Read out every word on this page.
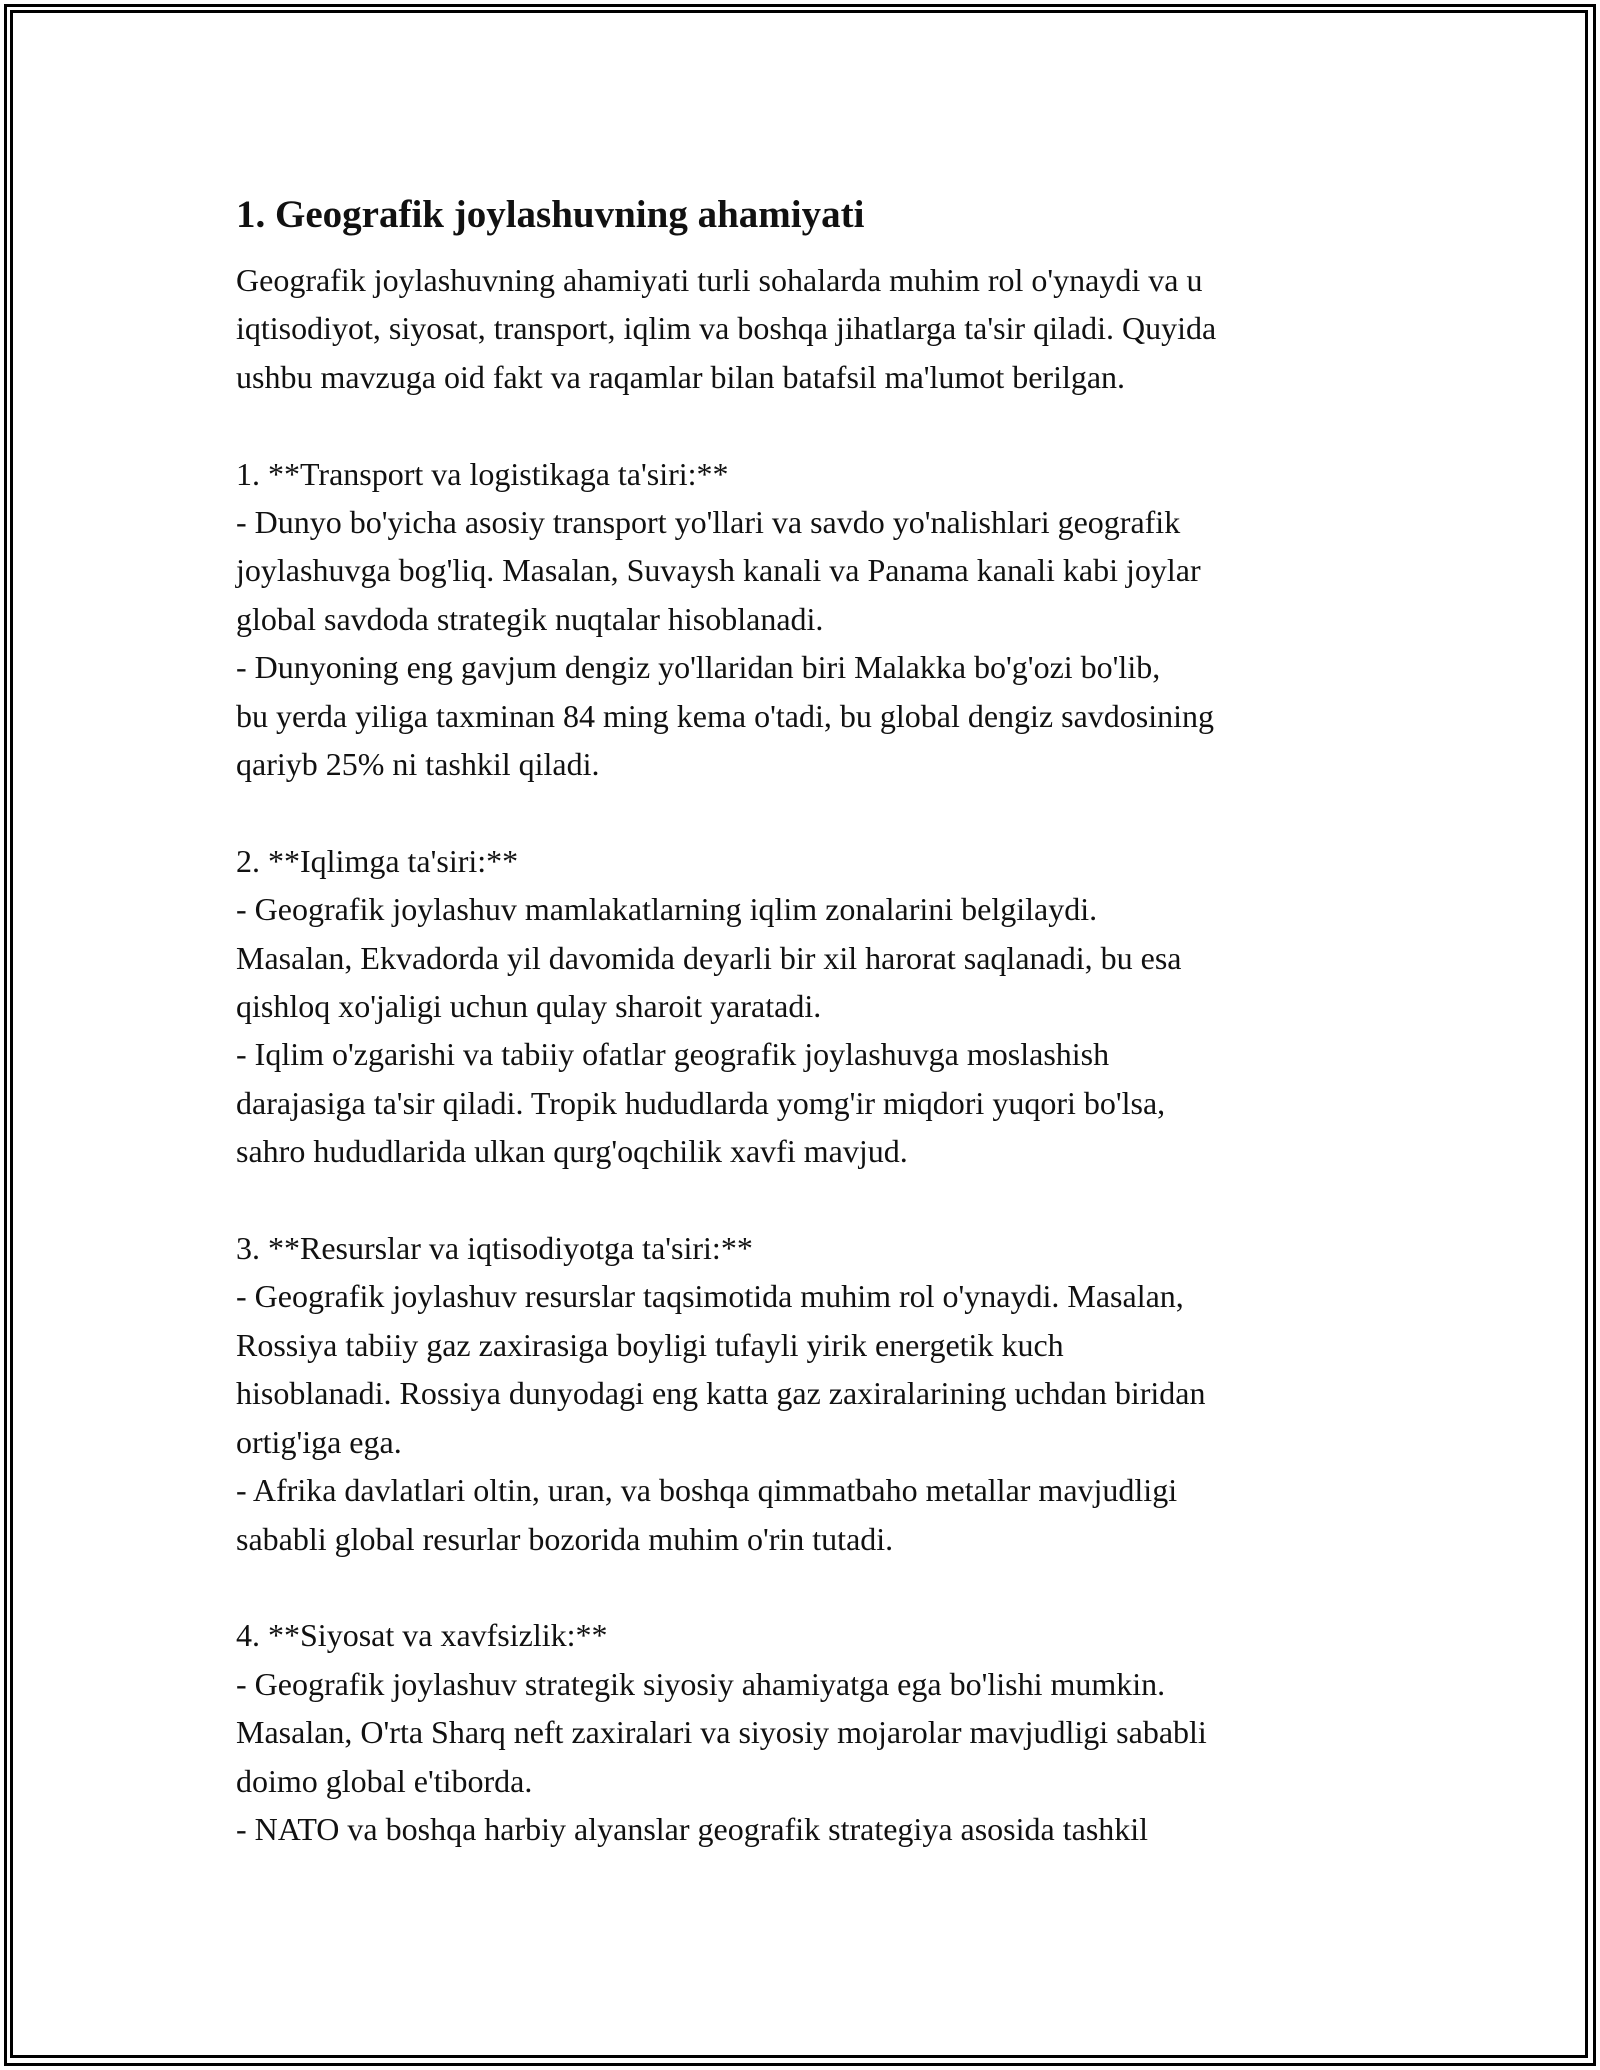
1. Geografik joylashuvning ahamiyati

Geografik joylashuvning ahamiyati turli sohalarda muhim rol o'ynaydi va u
iqtisodiyot, siyosat, transport, iqlim va boshqa jihatlarga ta'sir qiladi. Quyida
ushbu mavzuga oid fakt va raqamlar bilan batafsil ma'lumot berilgan.

1. **Transport va logistikaga ta'siri:**

- Dunyo bo'yicha asosiy transport yo'llari va savdo yo'nalishlari geografik
joylashuvga bog'liq. Masalan, Suvaysh kanali va Panama kanali kabi joylar
global savdoda strategik nuqtalar hisoblanadi.

- Dunyoning eng gavjum dengiz yo'llaridan biri Malakka bo'g'ozi bo'lib,
bu yerda yiliga taxminan 84 ming kema o'tadi, bu global dengiz savdosining
qariyb 25% ni tashkil qiladi.

2. **Iqlimga ta'siri:**

- Geografik joylashuv mamlakatlarning iqlim zonalarini belgilaydi.
Masalan, Ekvadorda yil davomida deyarli bir xil harorat saqlanadi, bu esa
qishloq xo'jaligi uchun qulay sharoit yaratadi.

- Iqlim o'zgarishi va tabiiy ofatlar geografik joylashuvga moslashish
darajasiga ta'sir qiladi. Tropik hududlarda yomg'ir miqdori yuqori bo'lsa,
sahro hududlarida ulkan qurg'oqchilik xavfi mavjud.

3. **Resurslar va iqtisodiyotga ta'siri:**

- Geografik joylashuv resurslar taqsimotida muhim rol o'ynaydi. Masalan,
Rossiya tabiiy gaz zaxirasiga boyligi tufayli yirik energetik kuch
hisoblanadi. Rossiya dunyodagi eng katta gaz zaxiralarining uchdan biridan
ortig'iga ega.

- Afrika davlatlari oltin, uran, va boshqa qimmatbaho metallar mavjudligi
sababli global resurlar bozorida muhim o'rin tutadi.

4. **Siyosat va xavfsizlik:**

- Geografik joylashuv strategik siyosiy ahamiyatga ega bo'lishi mumkin.
Masalan, O'rta Sharq neft zaxiralari va siyosiy mojarolar mavjudligi sababli
doimo global e'tiborda.

- NATO va boshqa harbiy alyanslar geografik strategiya asosida tashkil
